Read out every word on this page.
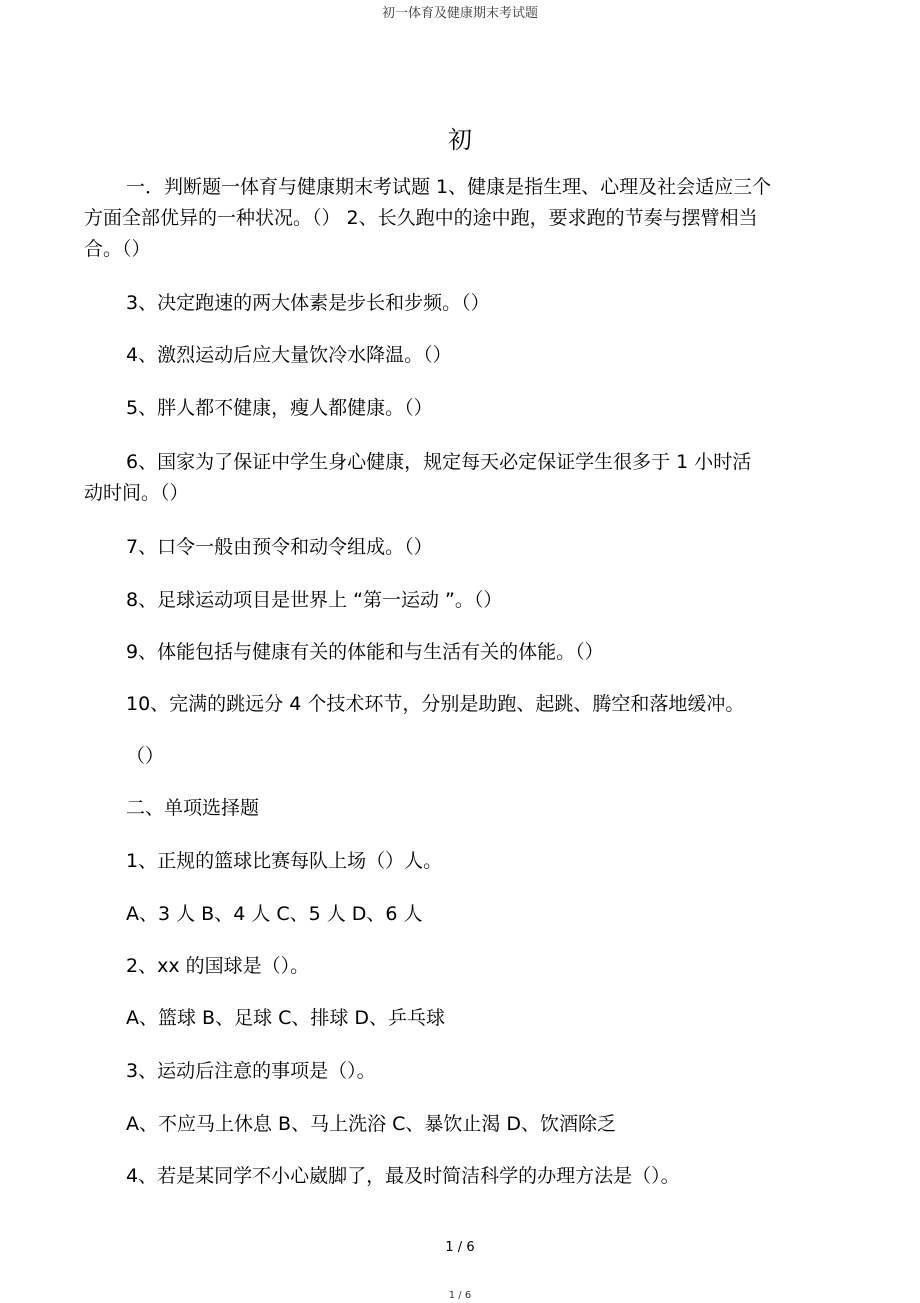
初一体育及健康期末考试题
初
一．判断题一体育与健康期末考试题 1、健康是指生理、心理及社会适应三个
方面全部优异的一种状况。（） 2、长久跑中的途中跑，要求跑的节奏与摆臂相当
合。（）
3、决定跑速的两大体素是步长和步频。（）
4、激烈运动后应大量饮冷水降温。（）
5、胖人都不健康，瘦人都健康。（）
6、国家为了保证中学生身心健康，规定每天必定保证学生很多于 1 小时活
动时间。（）
7、口令一般由预令和动令组成。（）
8、足球运动项目是世界上 “第一运动 ”。（）
9、体能包括与健康有关的体能和与生活有关的体能。（）
10、完满的跳远分 4 个技术环节，分别是助跑、起跳、腾空和落地缓冲。
（）
二、单项选择题
1、正规的篮球比赛每队上场（）人。
A、3 人 B、4 人 C、5 人 D、6 人
2、xx 的国球是（）。
A、篮球 B、足球 C、排球 D、乒乓球
3、运动后注意的事项是（）。
A、不应马上休息 B、马上洗浴 C、暴饮止渴 D、饮酒除乏
4、若是某同学不小心崴脚了，最及时简洁科学的办理方法是（）。
1 / 6
1 / 6
